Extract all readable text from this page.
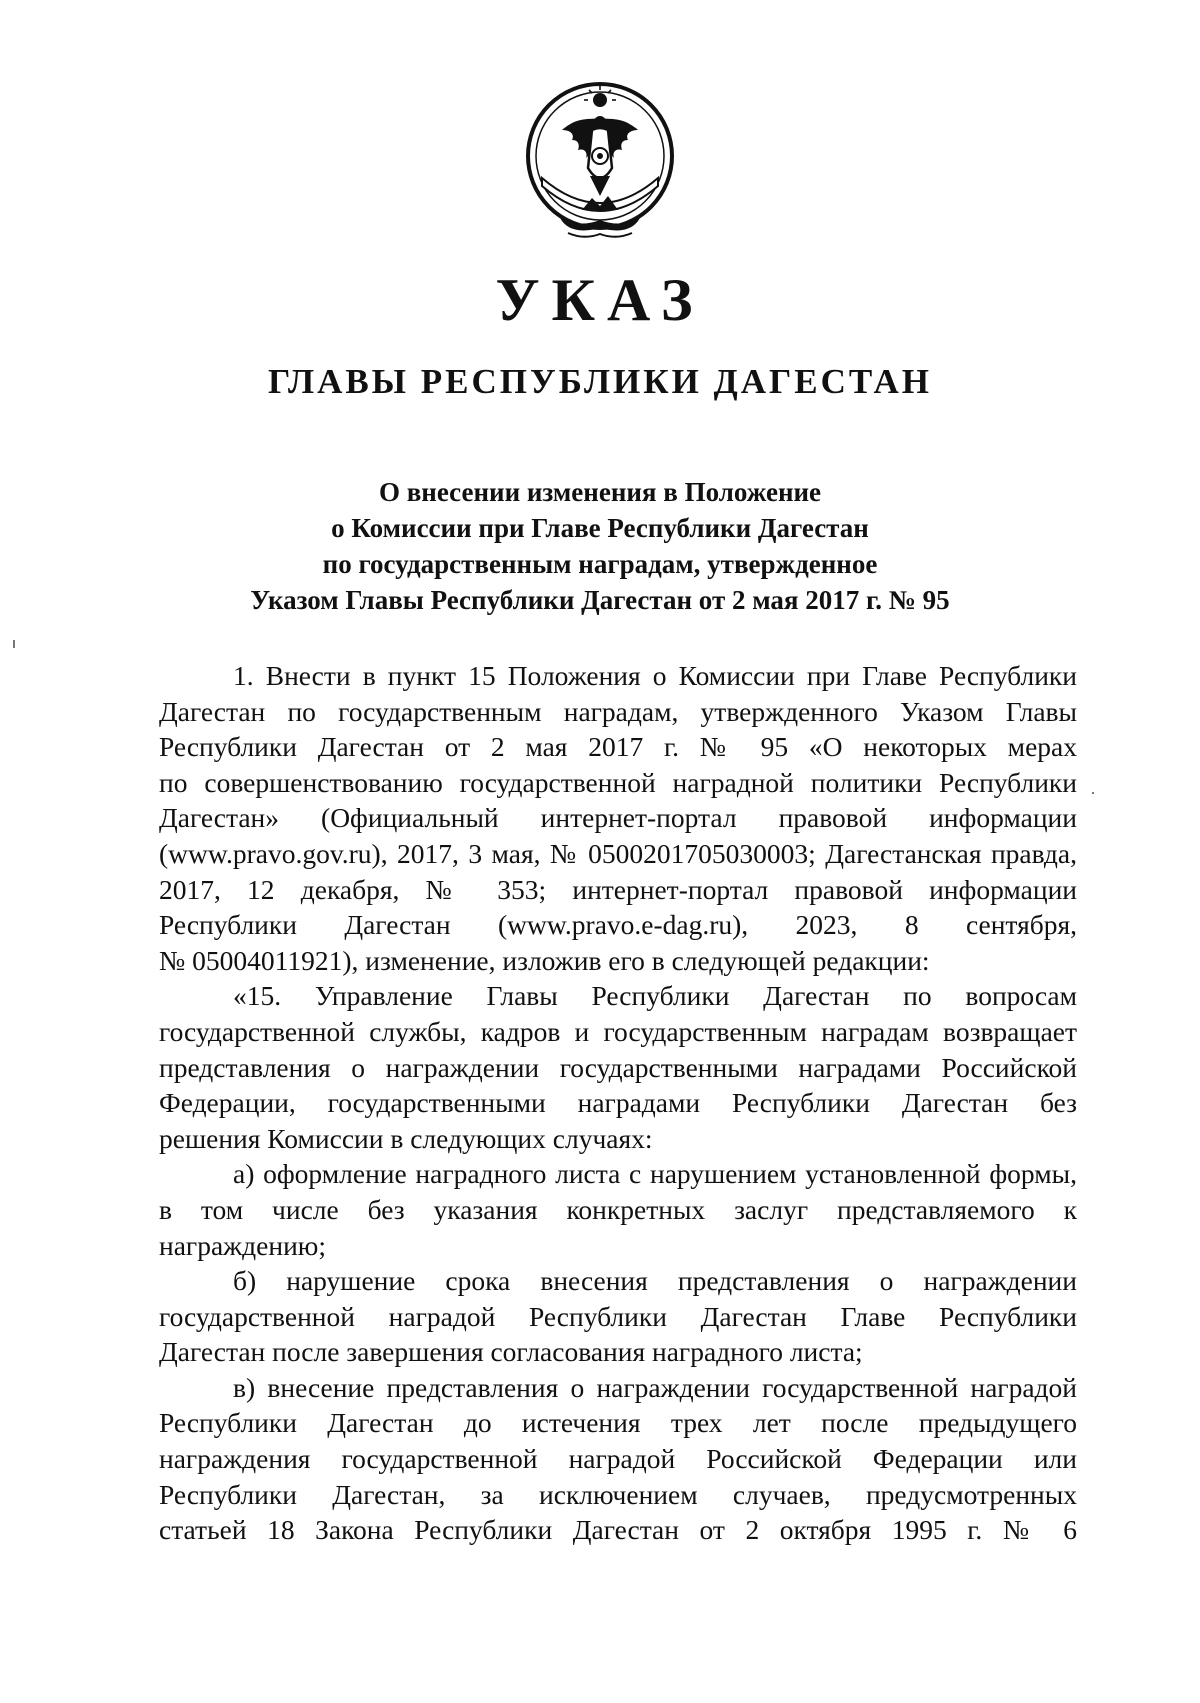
УКАЗ
ГЛАВЫ РЕСПУБЛИКИ ДАГЕСТАН
О внесении изменения в Положение
о Комиссии при Главе Республики Дагестан
по государственным наградам, утвержденное
Указом Главы Республики Дагестан от 2 мая 2017 г. № 95
1. Внести в пункт 15 Положения о Комиссии при Главе Республики
Дагестан по государственным наградам, утвержденного Указом Главы
Республики Дагестан от 2 мая 2017 г. № 95 «О некоторых мерах
по совершенствованию государственной наградной политики Республики
Дагестан» (Официальный интернет-портал правовой информации
(www.pravo.gov.ru), 2017, 3 мая, № 0500201705030003; Дагестанская правда,
2017, 12 декабря, № 353; интернет-портал правовой информации
Республики Дагестан (www.pravo.e-dag.ru), 2023, 8 сентября,
№ 05004011921), изменение, изложив его в следующей редакции:
«15. Управление Главы Республики Дагестан по вопросам
государственной службы, кадров и государственным наградам возвращает
представления о награждении государственными наградами Российской
Федерации, государственными наградами Республики Дагестан без
решения Комиссии в следующих случаях:
а) оформление наградного листа с нарушением установленной формы,
в том числе без указания конкретных заслуг представляемого к
награждению;
б) нарушение срока внесения представления о награждении
государственной наградой Республики Дагестан Главе Республики
Дагестан после завершения согласования наградного листа;
в) внесение представления о награждении государственной наградой
Республики Дагестан до истечения трех лет после предыдущего
награждения государственной наградой Российской Федерации или
Республики Дагестан, за исключением случаев, предусмотренных
статьей 18 Закона Республики Дагестан от 2 октября 1995 г. № 6
